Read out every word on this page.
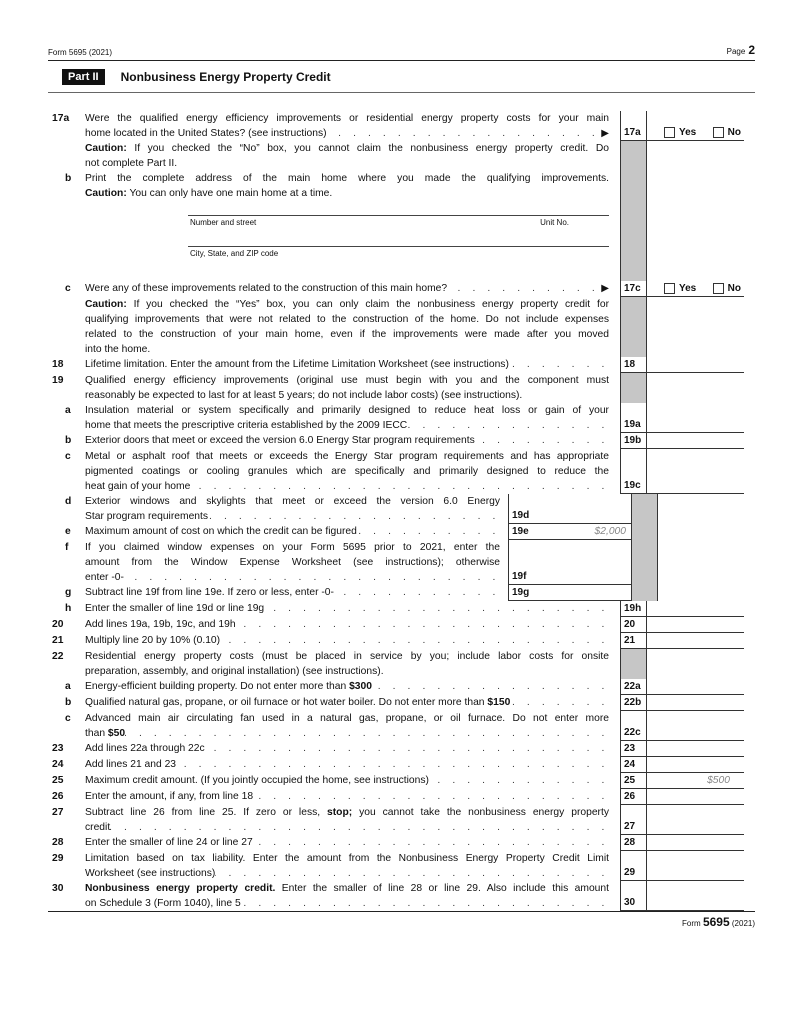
Form 5695 (2021)	Page 2
Part II	Nonbusiness Energy Property Credit
17a	Were the qualified energy efficiency improvements or residential energy property costs for your main
home located in the United States? (see instructions) . . .	▶	17a	Yes	No
Caution: If you checked the “No” box, you cannot claim the nonbusiness energy property credit. Do
not complete Part II.
b	Print the complete address of the main home where you made the qualifying improvements.
Caution: You can only have one main home at a time.
Number and street	Unit No.
City, State, and ZIP code
c	Were any of these improvements related to the construction of this main home? . . .	▶	17c	Yes	No
Caution: If you checked the “Yes” box, you can only claim the nonbusiness energy property credit for
qualifying improvements that were not related to the construction of the home. Do not include expenses
related to the construction of your main home, even if the improvements were made after you moved
into the home.
18	Lifetime limitation. Enter the amount from the Lifetime Limitation Worksheet (see instructions) . . .	18
19	Qualified energy efficiency improvements (original use must begin with you and the component must
reasonably be expected to last for at least 5 years; do not include labor costs) (see instructions).
a	Insulation material or system specifically and primarily designed to reduce heat loss or gain of your
home that meets the prescriptive criteria established by the 2009 IECC . . .	19a
b	Exterior doors that meet or exceed the version 6.0 Energy Star program requirements . . .	19b
c	Metal or asphalt roof that meets or exceeds the Energy Star program requirements and has appropriate
pigmented coatings or cooling granules which are specifically and primarily designed to reduce the
heat gain of your home . . .	19c
d	Exterior windows and skylights that meet or exceed the version 6.0 Energy
Star program requirements . . .	19d
e	Maximum amount of cost on which the credit can be figured . . .	19e	$2,000
f	If you claimed window expenses on your Form 5695 prior to 2021, enter the
amount from the Window Expense Worksheet (see instructions); otherwise
enter -0- . . .	19f
g	Subtract line 19f from line 19e. If zero or less, enter -0- . . .	19g
h	Enter the smaller of line 19d or line 19g . . .	19h
20	Add lines 19a, 19b, 19c, and 19h . . .	20
21	Multiply line 20 by 10% (0.10) . . .	21
22	Residential energy property costs (must be placed in service by you; include labor costs for onsite
preparation, assembly, and original installation) (see instructions).
a	Energy-efficient building property. Do not enter more than $300 . . .	22a
b	Qualified natural gas, propane, or oil furnace or hot water boiler. Do not enter more than $150 . . .	22b
c	Advanced main air circulating fan used in a natural gas, propane, or oil furnace. Do not enter more
than $50 . . .	22c
23	Add lines 22a through 22c . . .	23
24	Add lines 21 and 23 . . .	24
25	Maximum credit amount. (If you jointly occupied the home, see instructions) . . .	25	$500
26	Enter the amount, if any, from line 18 . . .	26
27	Subtract line 26 from line 25. If zero or less, stop; you cannot take the nonbusiness energy property
credit . . .	27
28	Enter the smaller of line 24 or line 27 . . .	28
29	Limitation based on tax liability. Enter the amount from the Nonbusiness Energy Property Credit Limit
Worksheet (see instructions) . . .	29
30	Nonbusiness energy property credit. Enter the smaller of line 28 or line 29. Also include this amount
on Schedule 3 (Form 1040), line 5 . . .	30
Form 5695 (2021)
